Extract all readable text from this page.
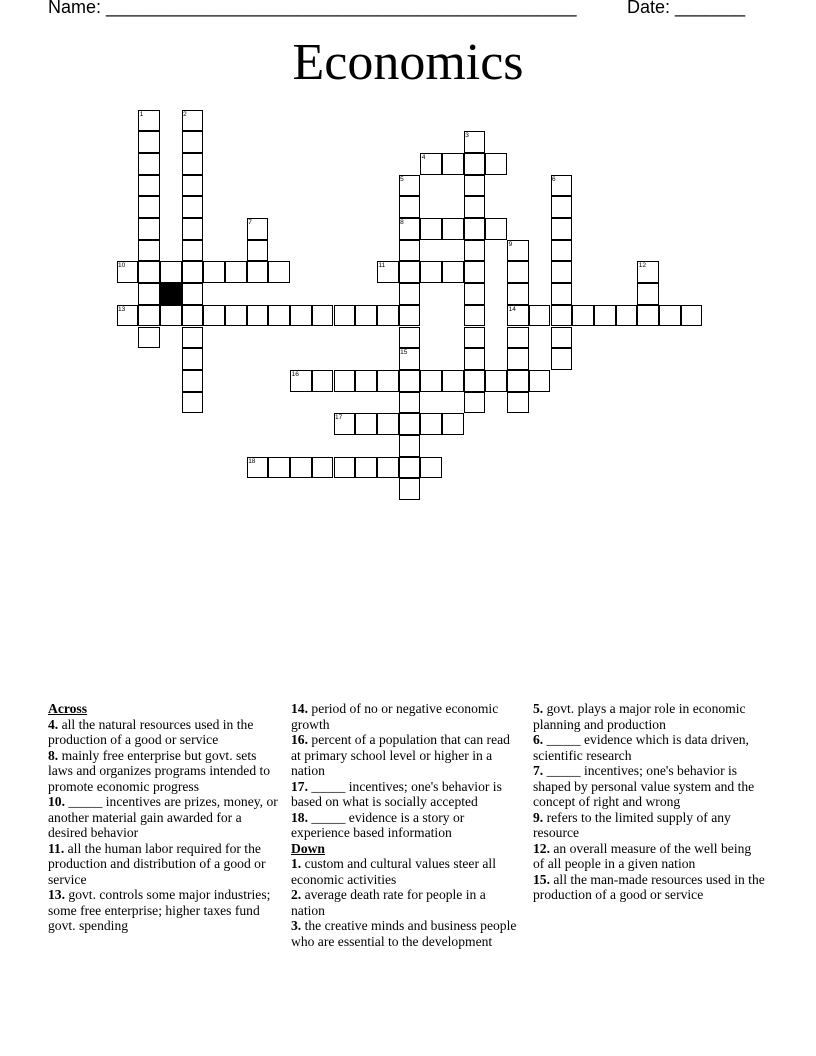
Name: _______________________________________________	Date: _______
Economics
1	2
3
4
5	6
7	8
9
10	11	12
13	14
15
16
17
18

Across

4. all the natural resources used in the production of a good or service

8. mainly free enterprise but govt. sets laws and organizes programs intended to promote economic progress

10. _____ incentives are prizes, money, or another material gain awarded for a desired behavior

11. all the human labor required for the production and distribution of a good or service

13. govt. controls some major industries; some free enterprise; higher taxes fund govt. spending

14. period of no or negative economic growth

16. percent of a population that can read at primary school level or higher in a nation

17. _____ incentives; one's behavior is based on what is socially accepted

18. _____ evidence is a story or experience based information

Down

1. custom and cultural values steer all economic activities

2. average death rate for people in a nation

3. the creative minds and business people who are essential to the development

5. govt. plays a major role in economic planning and production

6. _____ evidence which is data driven, scientific research

7. _____ incentives; one's behavior is shaped by personal value system and the concept of right and wrong

9. refers to the limited supply of any resource

12. an overall measure of the well being of all people in a given nation

15. all the man-made resources used in the production of a good or service
